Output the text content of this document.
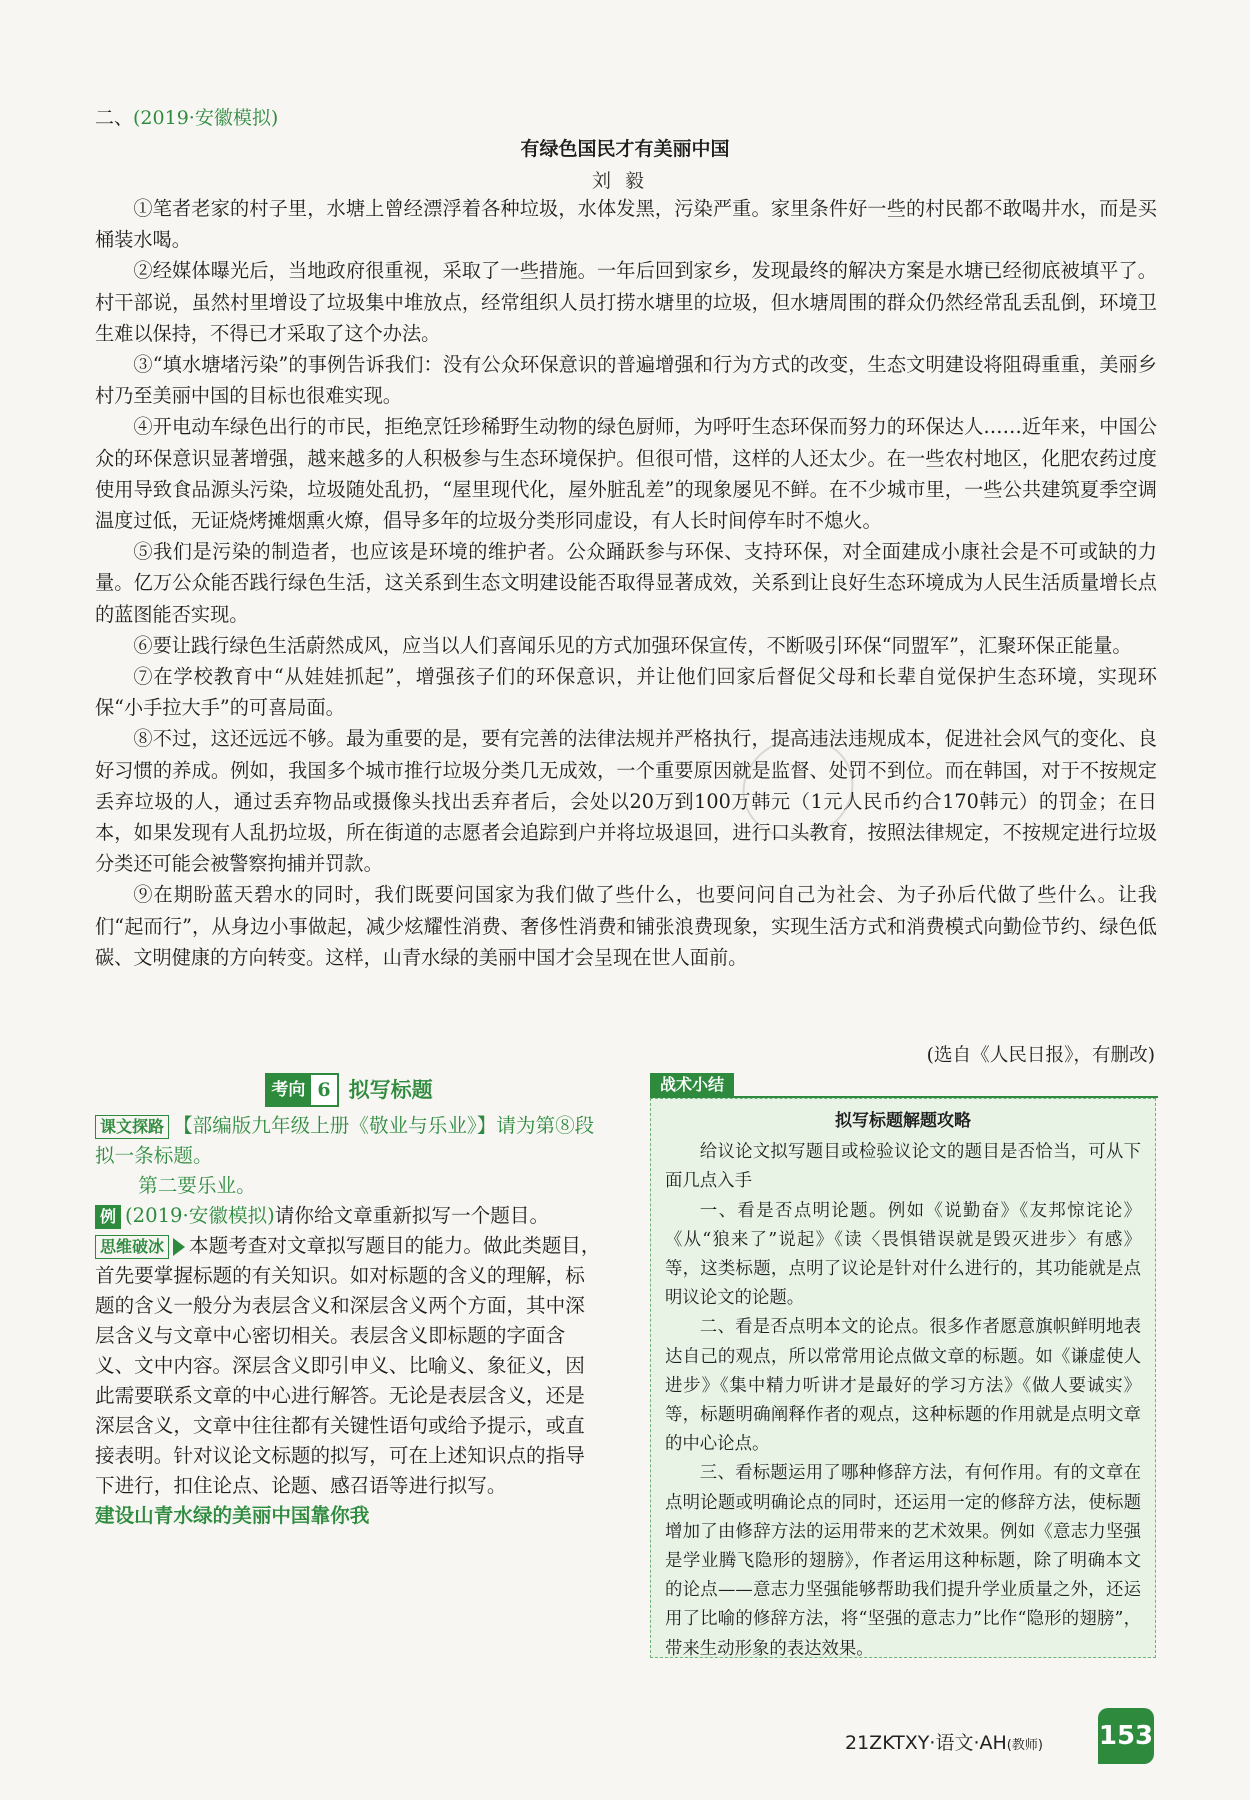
二、(2019·安徽模拟)
有绿色国民才有美丽中国
刘毅

①笔者老家的村子里，水塘上曾经漂浮着各种垃圾，水体发黑，污染严重。家里条件好一些的村民都不敢喝井水，而是买桶装水喝。

②经媒体曝光后，当地政府很重视，采取了一些措施。一年后回到家乡，发现最终的解决方案是水塘已经彻底被填平了。村干部说，虽然村里增设了垃圾集中堆放点，经常组织人员打捞水塘里的垃圾，但水塘周围的群众仍然经常乱丢乱倒，环境卫生难以保持，不得已才采取了这个办法。

③“填水塘堵污染”的事例告诉我们：没有公众环保意识的普遍增强和行为方式的改变，生态文明建设将阻碍重重，美丽乡村乃至美丽中国的目标也很难实现。

④开电动车绿色出行的市民，拒绝烹饪珍稀野生动物的绿色厨师，为呼吁生态环保而努力的环保达人……近年来，中国公众的环保意识显著增强，越来越多的人积极参与生态环境保护。但很可惜，这样的人还太少。在一些农村地区，化肥农药过度使用导致食品源头污染，垃圾随处乱扔，“屋里现代化，屋外脏乱差”的现象屡见不鲜。在不少城市里，一些公共建筑夏季空调温度过低，无证烧烤摊烟熏火燎，倡导多年的垃圾分类形同虚设，有人长时间停车时不熄火。

⑤我们是污染的制造者，也应该是环境的维护者。公众踊跃参与环保、支持环保，对全面建成小康社会是不可或缺的力量。亿万公众能否践行绿色生活，这关系到生态文明建设能否取得显著成效，关系到让良好生态环境成为人民生活质量增长点的蓝图能否实现。

⑥要让践行绿色生活蔚然成风，应当以人们喜闻乐见的方式加强环保宣传，不断吸引环保“同盟军”，汇聚环保正能量。

⑦在学校教育中“从娃娃抓起”，增强孩子们的环保意识，并让他们回家后督促父母和长辈自觉保护生态环境，实现环保“小手拉大手”的可喜局面。

⑧不过，这还远远不够。最为重要的是，要有完善的法律法规并严格执行，提高违法违规成本，促进社会风气的变化、良好习惯的养成。例如，我国多个城市推行垃圾分类几无成效，一个重要原因就是监督、处罚不到位。而在韩国，对于不按规定丢弃垃圾的人，通过丢弃物品或摄像头找出丢弃者后，会处以20万到100万韩元（1元人民币约合170韩元）的罚金；在日本，如果发现有人乱扔垃圾，所在街道的志愿者会追踪到户并将垃圾退回，进行口头教育，按照法律规定，不按规定进行垃圾分类还可能会被警察拘捕并罚款。

⑨在期盼蓝天碧水的同时，我们既要问国家为我们做了些什么，也要问问自己为社会、为子孙后代做了些什么。让我们“起而行”，从身边小事做起，减少炫耀性消费、奢侈性消费和铺张浪费现象，实现生活方式和消费模式向勤俭节约、绿色低碳、文明健康的方向转变。这样，山青水绿的美丽中国才会呈现在世人面前。

(选自《人民日报》，有删改)
考向 6 拟写标题

课文探路 【部编版九年级上册《敬业与乐业》】请为第⑧段拟一条标题。

第二要乐业。

例 (2019·安徽模拟)请你给文章重新拟写一个题目。

思维破冰 本题考查对文章拟写题目的能力。做此类题目，首先要掌握标题的有关知识。如对标题的含义的理解，标题的含义一般分为表层含义和深层含义两个方面，其中深层含义与文章中心密切相关。表层含义即标题的字面含义、文中内容。深层含义即引申义、比喻义、象征义，因此需要联系文章的中心进行解答。无论是表层含义，还是深层含义，文章中往往都有关键性语句或给予提示，或直接表明。针对议论文标题的拟写，可在上述知识点的指导下进行，扣住论点、论题、感召语等进行拟写。

建设山青水绿的美丽中国靠你我

战术小结
拟写标题解题攻略

给议论文拟写题目或检验议论文的题目是否恰当，可从下面几点入手

一、看是否点明论题。例如《说勤奋》《友邦惊诧论》《从“狼来了”说起》《读〈畏惧错误就是毁灭进步〉有感》等，这类标题，点明了议论是针对什么进行的，其功能就是点明议论文的论题。

二、看是否点明本文的论点。很多作者愿意旗帜鲜明地表达自己的观点，所以常常用论点做文章的标题。如《谦虚使人进步》《集中精力听讲才是最好的学习方法》《做人要诚实》等，标题明确阐释作者的观点，这种标题的作用就是点明文章的中心论点。

三、看标题运用了哪种修辞方法，有何作用。有的文章在点明论题或明确论点的同时，还运用一定的修辞方法，使标题增加了由修辞方法的运用带来的艺术效果。例如《意志力坚强是学业腾飞隐形的翅膀》，作者运用这种标题，除了明确本文的论点——意志力坚强能够帮助我们提升学业质量之外，还运用了比喻的修辞方法，将“坚强的意志力”比作“隐形的翅膀”，带来生动形象的表达效果。

21ZKTXY·语文·AH(教师) 153
